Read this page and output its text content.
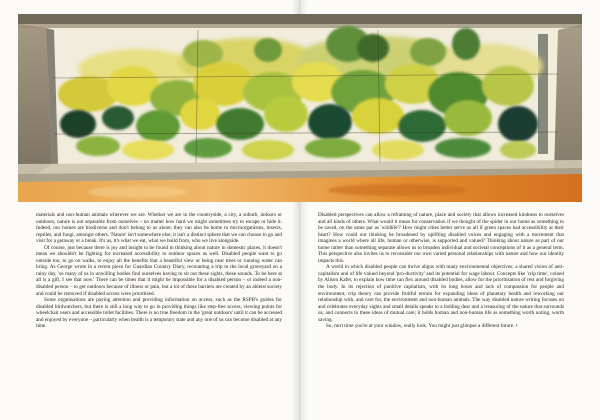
materials and non-human animals wherever we are. Whether we are in the countryside, a city, a suburb, indoors or outdoors, nature is not separable from ourselves – no matter how hard we might sometimes try to escape or hide it. Indeed, our homes are biodiverse and don't belong to us alone; they can also be home to microorganisms, insects, reptiles, and fungi, amongst others. 'Nature' isn't somewhere else; it isn't a distinct sphere that we can choose to go and visit for a getaway or a break. It's us, it's what we eat, what we build from, who we live alongside.

Of course, just because there is joy and insight to be found in thinking about nature in domestic places, it doesn't mean we shouldn't be fighting for increased accessibility to outdoor spaces as well. Disabled people want to go outside too, to go on walks, to enjoy all the benefits that a beautiful view or being near trees or running water can bring. As George wrote in a recent piece for Guardian Country Diary, recounting a trip to the local graveyard on a rainy day, 'so many of us in unwilling bodies find ourselves having to sit out these sights, these sounds. To be here at all is a gift, I see that now.' There can be times that it might be impossible for a disabled person – or indeed a non-disabled person – to get outdoors because of illness or pain, but a lot of these barriers are created by an ableist society and could be removed if disabled access were prioritised.

Some organisations are paying attention and providing information on access, such as the RSPB's guides for disabled birdwatchers, but there is still a long way to go in providing things like step-free access, viewing points for wheelchair users and accessible toilet facilities. There is no true freedom in the 'great outdoors' until it can be accessed and enjoyed by everyone – particularly when health is a temporary state and any one of us can become disabled at any time.

Disabled perspectives can allow a reframing of nature, place and society that allows increased kindness to ourselves and all kinds of others. What would it mean for conservation if we thought of the spider in our home as something to be saved, on the same par as 'wildlife'? How might cities better serve us all if green spaces had accessibility at their heart? How could our thinking be broadened by uplifting disabled voices and engaging with a movement that imagines a world where all life, human or otherwise, is supported and valued? Thinking about nature as part of our home rather than something separate allows us to broaden individual and societal conceptions of it as a general term. This perspective also invites us to reconsider our own varied personal relationships with nature and how our identity impacts this.

A world in which disabled people can thrive aligns with many environmental objectives; a shared vision of anti-capitalism and of life valued beyond 'pro-ductivity' and its potential for wage labour. Concepts like 'crip time', coined by Alison Kafer, to explain how time can flex around disabled bodies, allow for the prioritisation of rest and forgiving the body. In its rejection of punitive capitalism, with its long hours and lack of compassion for people and environment, crip theory can provide fruitful terrain for expanding ideas of planetary health and reworking our relationship with, and care for, the environment and non-human animals. The way disabled nature writing focuses on and celebrates everyday sights and small details speaks to a holding dear and a treasuring of the nature that surrounds us, and connects to these ideas of mutual care; it holds human and non-human life as something worth noting, worth saving.

So, next time you're at your window, really look. You might just glimpse a different future. •
